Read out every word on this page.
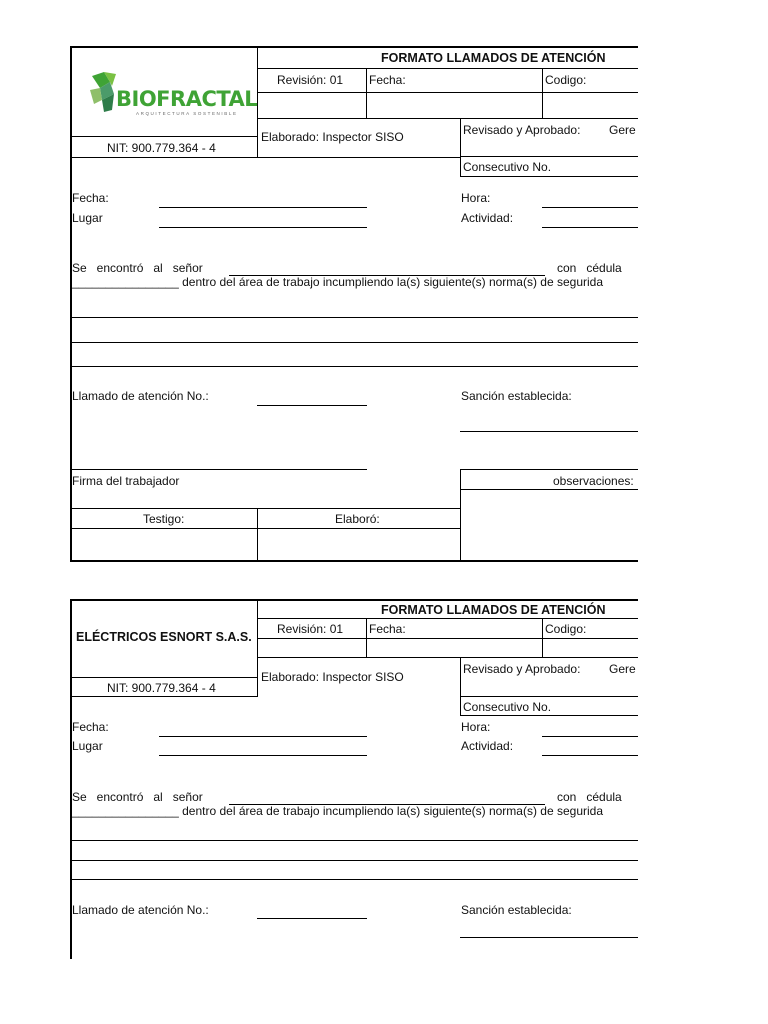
FORMATO LLAMADOS DE ATENCIÓN
Revisión: 01 Fecha:	Codigo:
BIOFRACTAL
ARQUITECTURA SOSTENIBLE
NIT: 900.779.364 - 4
Elaborado: Inspector SISO	Revisado y Aprobado: Gere
Consecutivo No.
Fecha:
Lugar
Hora:
Actividad:
Se   encontró   al   señor	con   cédula
________________ dentro del área de trabajo incumpliendo la(s) siguiente(s) norma(s) de segurida
Llamado de atención No.:	Sanción establecida:
Firma del trabajador	observaciones:
Testigo:	Elaboró:
FORMATO LLAMADOS DE ATENCIÓN
ELÉCTRICOS ESNORT S.A.S.
Revisión: 01 Fecha:	Codigo:
NIT: 900.779.364 - 4
Elaborado: Inspector SISO
Revisado y Aprobado: Gere
Consecutivo No.
Fecha:
Lugar
Hora:
Actividad:
Se   encontró   al   señor	con   cédula
________________ dentro del área de trabajo incumpliendo la(s) siguiente(s) norma(s) de segurida
Llamado de atención No.:	Sanción establecida:
